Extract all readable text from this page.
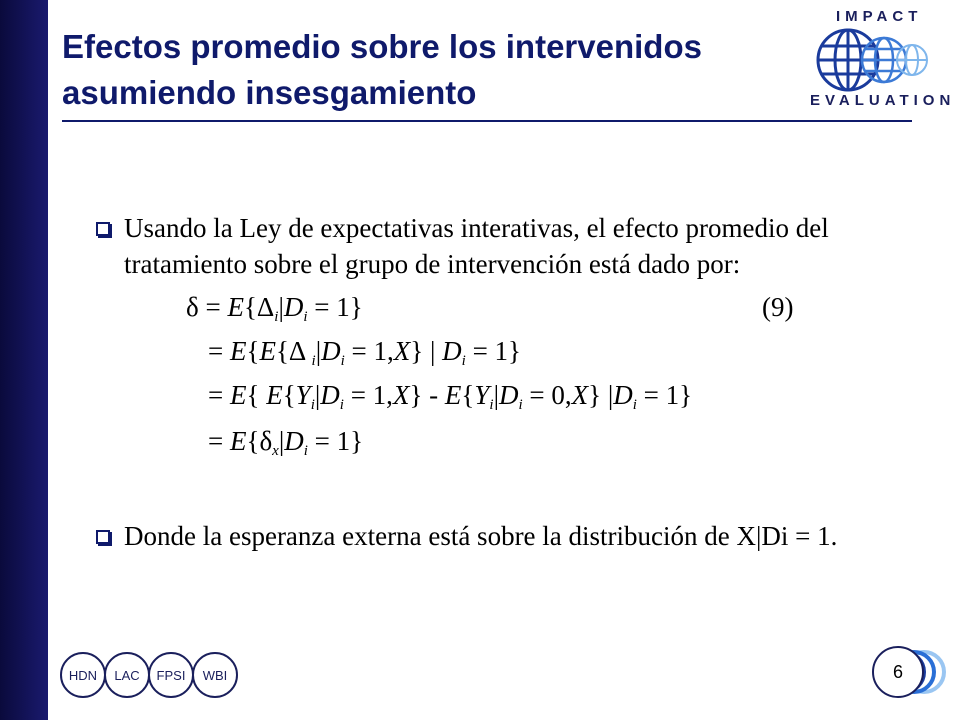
Efectos promedio sobre los intervenidos asumiendo insesgamiento
IMPACT
EVALUATION
Usando la Ley de expectativas interativas, el efecto promedio del tratamiento sobre el grupo de intervención está dado por:
$\delta = E\{\Delta_i|D_i = 1\}$	(9)
= E{E{Δ $_i|D_i = 1,X$} | $D_i = 1$}
= E{ $E\{Y_i|D_i = 1,X\} - E\{Y_i|D_i = 0,X\} |D_i = 1$}
= $E\{\delta_x|D_i = 1\}$
Donde la esperanza externa está sobre la distribución de X|Di = 1.
HDN	LAC	FPSI	WBI	6
